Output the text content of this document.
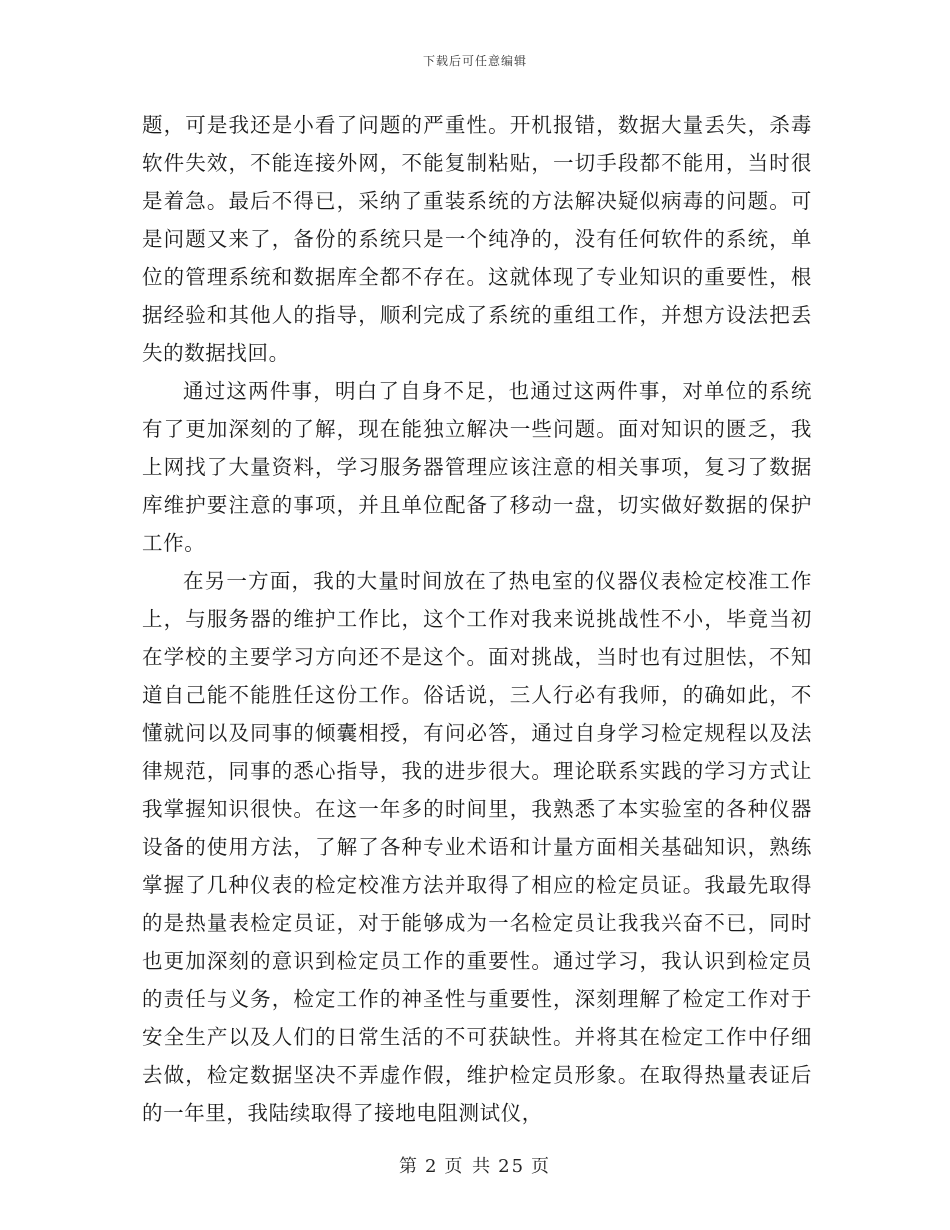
下载后可任意编辑

题，可是我还是小看了问题的严重性。开机报错，数据大量丢失，杀毒软件失效，不能连接外网，不能复制粘贴，一切手段都不能用，当时很是着急。最后不得已，采纳了重装系统的方法解决疑似病毒的问题。可是问题又来了，备份的系统只是一个纯净的，没有任何软件的系统，单位的管理系统和数据库全都不存在。这就体现了专业知识的重要性，根据经验和其他人的指导，顺利完成了系统的重组工作，并想方设法把丢失的数据找回。

通过这两件事，明白了自身不足，也通过这两件事，对单位的系统有了更加深刻的了解，现在能独立解决一些问题。面对知识的匮乏，我上网找了大量资料，学习服务器管理应该注意的相关事项，复习了数据库维护要注意的事项，并且单位配备了移动一盘，切实做好数据的保护工作。

在另一方面，我的大量时间放在了热电室的仪器仪表检定校准工作上，与服务器的维护工作比，这个工作对我来说挑战性不小，毕竟当初在学校的主要学习方向还不是这个。面对挑战，当时也有过胆怯，不知道自己能不能胜任这份工作。俗话说，三人行必有我师，的确如此，不懂就问以及同事的倾囊相授，有问必答，通过自身学习检定规程以及法律规范，同事的悉心指导，我的进步很大。理论联系实践的学习方式让我掌握知识很快。在这一年多的时间里，我熟悉了本实验室的各种仪器设备的使用方法，了解了各种专业术语和计量方面相关基础知识，熟练掌握了几种仪表的检定校准方法并取得了相应的检定员证。我最先取得的是热量表检定员证，对于能够成为一名检定员让我我兴奋不已，同时也更加深刻的意识到检定员工作的重要性。通过学习，我认识到检定员的责任与义务，检定工作的神圣性与重要性，深刻理解了检定工作对于安全生产以及人们的日常生活的不可获缺性。并将其在检定工作中仔细去做，检定数据坚决不弄虚作假，维护检定员形象。在取得热量表证后的一年里，我陆续取得了接地电阻测试仪，

第 2 页 共 25 页
